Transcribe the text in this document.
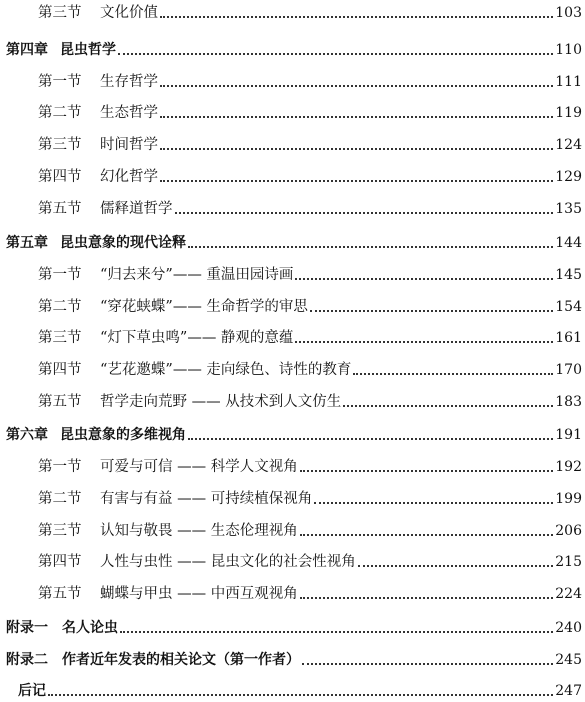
第三节 文化价值	103
第四章 昆虫哲学	110
第一节 生存哲学	111
第二节 生态哲学	119
第三节 时间哲学	124
第四节 幻化哲学	129
第五节 儒释道哲学	135
第五章 昆虫意象的现代诠释	144
第一节 “归去来兮”—— 重温田园诗画	145
第二节 “穿花蛱蝶”—— 生命哲学的审思	154
第三节 “灯下草虫鸣”—— 静观的意蕴	161
第四节 “艺花邀蝶”—— 走向绿色、诗性的教育	170
第五节 哲学走向荒野 —— 从技术到人文仿生	183
第六章 昆虫意象的多维视角	191
第一节 可爱与可信 —— 科学人文视角	192
第二节 有害与有益 —— 可持续植保视角	199
第三节 认知与敬畏 —— 生态伦理视角	206
第四节 人性与虫性 —— 昆虫文化的社会性视角	215
第五节 蝴蝶与甲虫 —— 中西互观视角	224
附录一 名人论虫	240
附录二 作者近年发表的相关论文（第一作者）	245
后记	247
